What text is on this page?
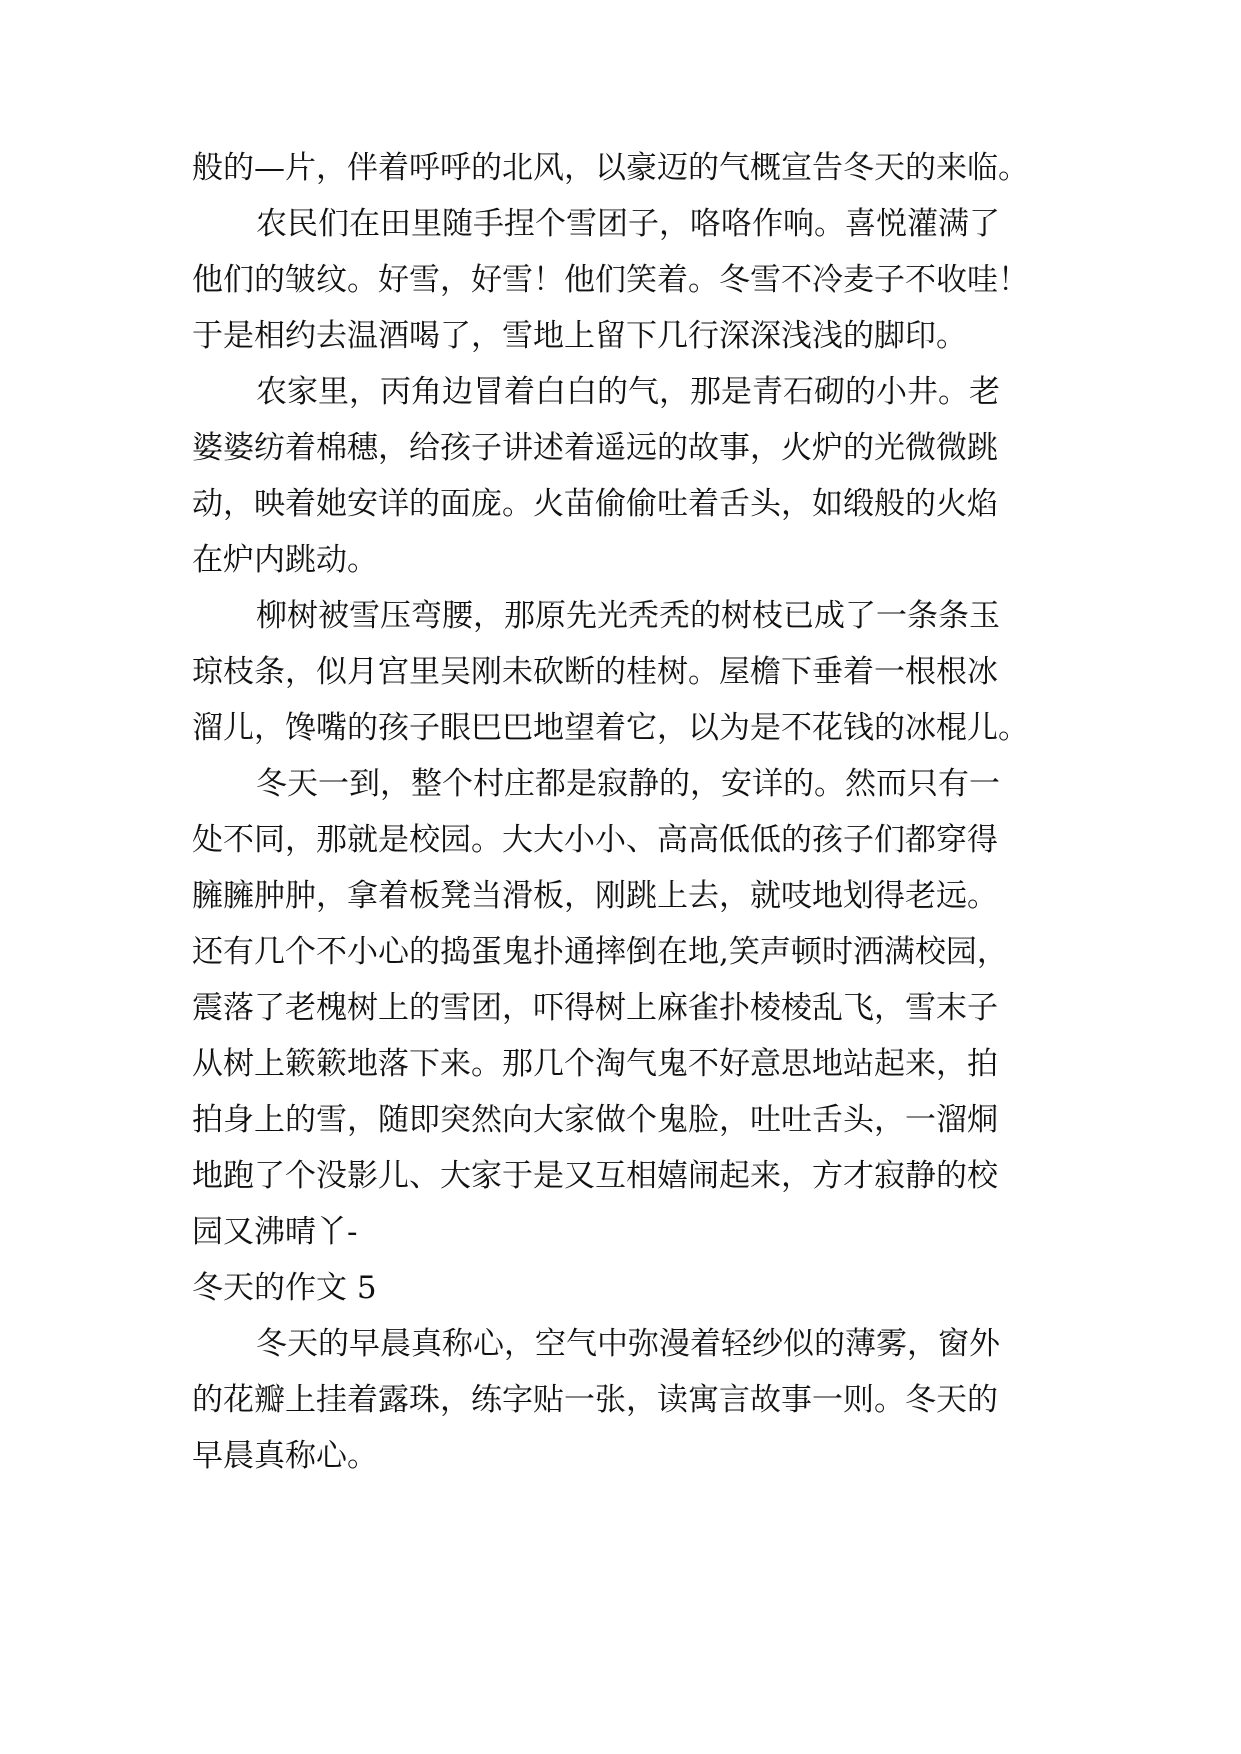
般的—片，伴着呼呼的北风，以豪迈的气概宣告冬天的来临。
农民们在田里随手捏个雪团子，咯咯作响。喜悦灌满了
他们的皱纹。好雪，好雪！他们笑着。冬雪不冷麦子不收哇！
于是相约去温酒喝了，雪地上留下几行深深浅浅的脚印。
农家里，丙角边冒着白白的气，那是青石砌的小井。老
婆婆纺着棉穗，给孩子讲述着遥远的故事，火炉的光微微跳
动，映着她安详的面庞。火苗偷偷吐着舌头，如缎般的火焰
在炉内跳动。
柳树被雪压弯腰，那原先光秃秃的树枝已成了一条条玉
琼枝条，似月宫里吴刚未砍断的桂树。屋檐下垂着一根根冰
溜儿，馋嘴的孩子眼巴巴地望着它，以为是不花钱的冰棍儿。
冬天一到，整个村庄都是寂静的，安详的。然而只有一
处不同，那就是校园。大大小小、高高低低的孩子们都穿得
臃臃肿肿，拿着板凳当滑板，刚跳上去，就吱地划得老远。
还有几个不小心的捣蛋鬼扑通摔倒在地,笑声顿时洒满校园，
震落了老槐树上的雪团，吓得树上麻雀扑棱棱乱飞，雪末子
从树上簌簌地落下来。那几个淘气鬼不好意思地站起来，拍
拍身上的雪，随即突然向大家做个鬼脸，吐吐舌头，一溜烔
地跑了个没影儿、大家于是又互相嬉闹起来，方才寂静的校
园又沸晴丫-
冬天的作文 5
冬天的早晨真称心，空气中弥漫着轻纱似的薄雾，窗外
的花瓣上挂着露珠，练字贴一张，读寓言故事一则。冬天的
早晨真称心。
